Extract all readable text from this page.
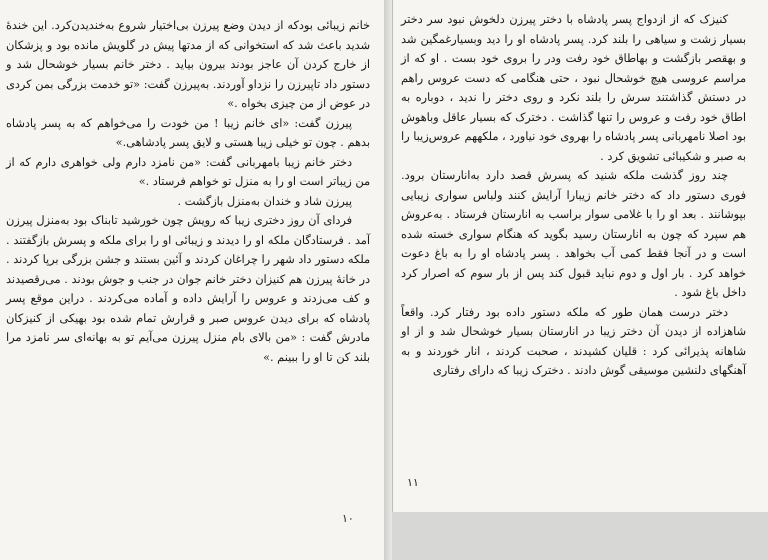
خانم زیبائی بودکه از دیدن وضع پیرزن بی‌اختیار شروع به‌خندیدن‌کرد. این خندهٔ شدید باعث شد که استخوانی که از مدتها پیش در گلویش مانده بود و پزشکان از خارج کردن آن عاجز بودند بیرون بیاید . دختر خانم بسیار خوشحال شد و دستور داد تاپیرزن را نزداو آوردند. به‌پیرزن گفت: «تو خدمت بزرگی بمن کردی در عوض از من چیزی بخواه .»

پیرزن گفت: «ای خانم زیبا ! من خودت را می‌خواهم که به پسر پادشاه بدهم . چون تو خیلی زیبا هستی و لایق پسر پادشاهی.»

دختر خانم زیبا بامهربانی گفت: «من نامزد دارم ولی خواهری دارم که از من زیباتر است او را به منزل تو خواهم فرستاد .»

پیرزن شاد و خندان به‌منزل بازگشت .

فردای آن روز دختری زیبا که رویش چون خورشید تابناک بود به‌منزل پیرزن آمد . فرستادگان ملکه او را دیدند و زیبائی او را برای ملکه و پسرش بازگفتند . ملکه دستور داد شهر را چراغان کردند و آئین بستند و جشن بزرگی برپا کردند . در خانهٔ پیرزن هم کنیزان دختر خانم جوان در جنب و جوش بودند . می‌رقصیدند و کف می‌زدند و عروس را آرایش داده و آماده می‌کردند . دراین موقع پسر پادشاه که برای دیدن عروس صبر و قرارش تمام شده بود بهیکی از کنیزکان مادرش گفت : «من بالای بام منزل پیرزن می‌آیم تو به بهانه‌ای سر نامزد مرا بلند کن تا او را ببینم .»

۱۰

کنیزک که از ازدواج پسر پادشاه با دختر پیرزن دلخوش نبود سر دختر بسیار زشت و سیاهی را بلند کرد. پسر پادشاه او را دید وبسیارغمگین شد و بهقصر بازگشت و بهاطاق خود رفت ودر را بروی خود بست . او که از مراسم عروسی هیچ خوشحال نبود ، حتی هنگامی که دست عروس راهم در دستش گذاشتند سرش را بلند نکرد و روی دختر را ندید ، دوباره به اطاق خود رفت و عروس را تنها گذاشت . دخترک که بسیار عاقل وباهوش بود اصلا نامهربانی پسر پادشاه را بهروی خود نیاورد ، ملکههم عروس‌زیبا را به صبر و شکیبائی تشویق کرد .

چند روز گذشت ملکه شنید که پسرش قصد دارد به‌انارستان برود. فوری دستور داد که دختر خانم زیبارا آرایش کنند ولباس سواری زیبایی بپوشانند . بعد او را با غلامی سوار براسب به انارستان فرستاد . به‌عروش هم سپرد که چون به انارستان رسید بگوید که هنگام سواری خسته شده است و در آنجا فقط کمی آب بخواهد . پسر پادشاه او را به باغ دعوت خواهد کرد . بار اول و دوم نباید قبول کند پس از بار سوم که اصرار کرد داخل باغ شود .

دختر درست همان طور که ملکه دستور داده بود رفتار کرد. واقعاً شاهزاده از دیدن آن دختر زیبا در انارستان بسیار خوشحال شد و از او شاهانه پذیرائی کرد : قلیان کشیدند ، صحبت کردند ، انار خوردند و به آهنگهای دلنشین موسیقی گوش دادند . دخترک زیبا که دارای رفتاری

۱۱
